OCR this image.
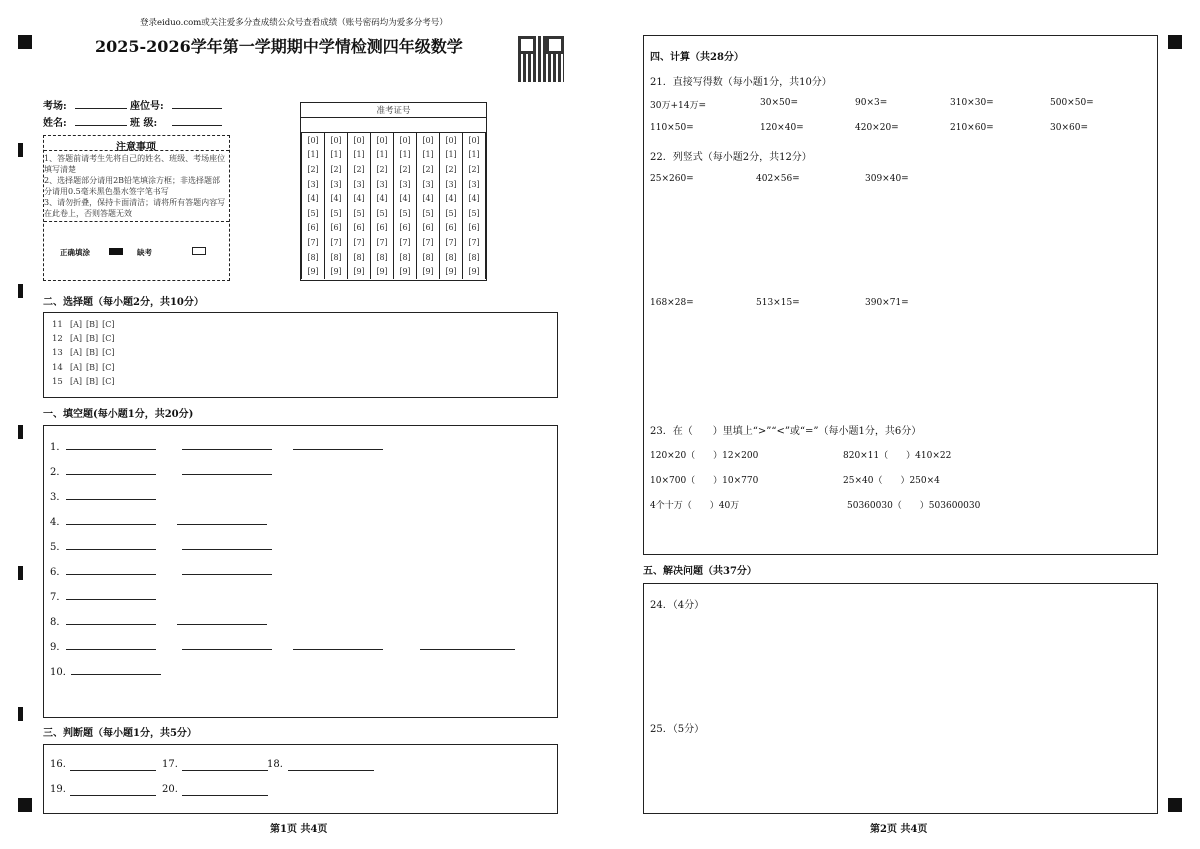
登录eiduo.com或关注爱多分查成绩公众号查看成绩（账号密码均为爱多分考号）
2025-2026学年第一学期期中学情检测四年级数学
考场:	座位号:
姓名:	班 级:
注意事项
1、答题前请考生先将自己的姓名、班级、考场座位填写清楚
2、选择题部分请用2B铅笔填涂方框；非选择题部分请用0.5毫米黑色墨水签字笔书写
3、请勿折叠，保持卡面清洁；请将所有答题内容写在此卷上，否则答题无效
正确填涂	缺考
准考证号
[0]	[0]	[0]	[0]	[0]	[0]	[0]	[0]
[1]	[1]	[1]	[1]	[1]	[1]	[1]	[1]
[2]	[2]	[2]	[2]	[2]	[2]	[2]	[2]
[3]	[3]	[3]	[3]	[3]	[3]	[3]	[3]
[4]	[4]	[4]	[4]	[4]	[4]	[4]	[4]
[5]	[5]	[5]	[5]	[5]	[5]	[5]	[5]
[6]	[6]	[6]	[6]	[6]	[6]	[6]	[6]
[7]	[7]	[7]	[7]	[7]	[7]	[7]	[7]
[8]	[8]	[8]	[8]	[8]	[8]	[8]	[8]
[9]	[9]	[9]	[9]	[9]	[9]	[9]	[9]
二、选择题（每小题2分，共10分）
11 [A] [B] [C]
12 [A] [B] [C]
13 [A] [B] [C]
14 [A] [B] [C]
15 [A] [B] [C]
一、填空题(每小题1分，共20分)
1．
2．
3．
4．
5．
6．
7．
8．
9．
10．
三、判断题（每小题1分，共5分）
16.	17.	18.
19.	20.
第1页 共4页
四、计算（共28分）
21．直接写得数（每小题1分，共10分）
30万+14万=	30×50=	90×3=	310×30=	500×50=
110×50=	120×40=	420×20=	210×60=	30×60=
22．列竖式（每小题2分，共12分）
25×260=	402×56=	309×40=
168×28=	513×15=	390×71=
23．在（　　）里填上“>”“<”或“=”（每小题1分，共6分）
120×20（　　）12×200	820×11（　　）410×22
10×700（　　）10×770	25×40（　　）250×4
4个十万（　　）40万	50360030（　　）503600030
五、解决问题（共37分）
24．（4分）
25．（5分）
第2页 共4页
